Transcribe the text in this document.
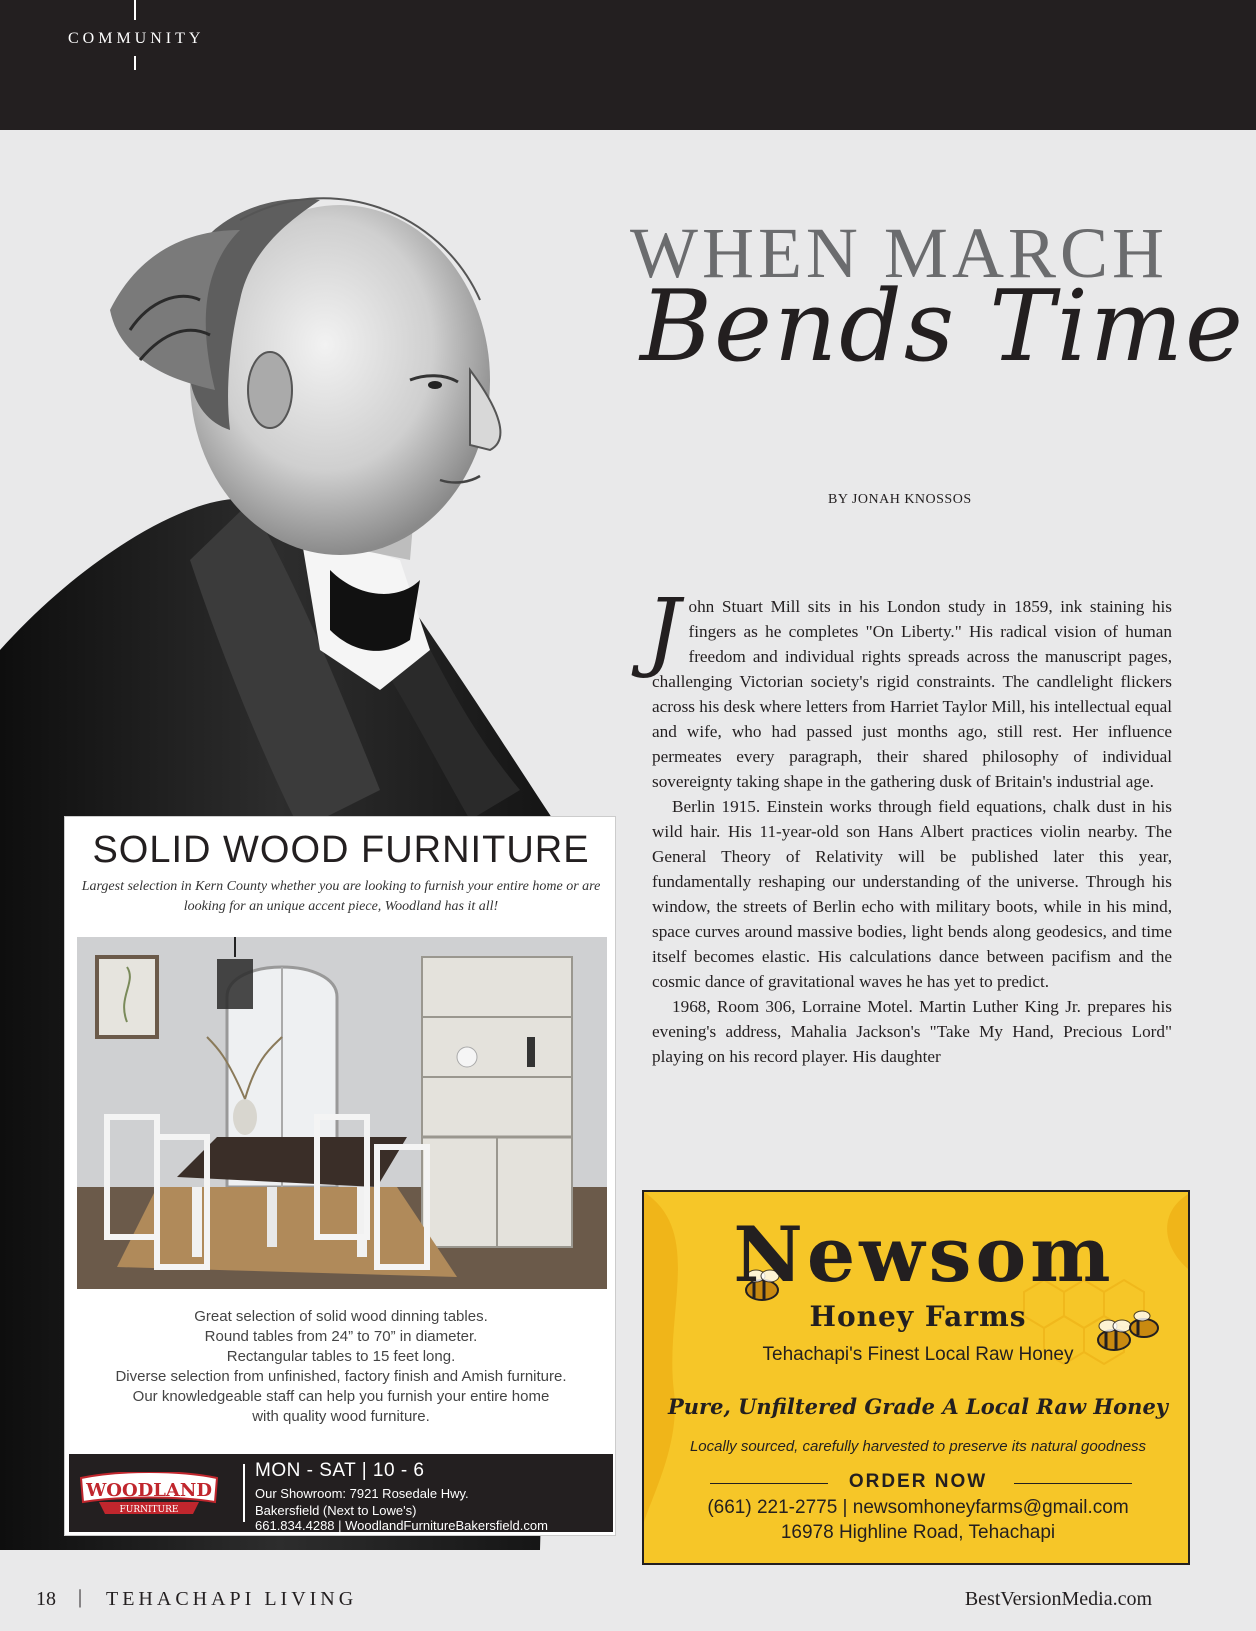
COMMUNITY
WHEN MARCH
Bends Time
BY JONAH KNOSSOS

John Stuart Mill sits in his London study in 1859, ink staining his fingers as he completes "On Liberty." His radical vision of human freedom and individual rights spreads across the manuscript pages, challenging Victorian society's rigid constraints. The candlelight flickers across his desk where letters from Harriet Taylor Mill, his intellectual equal and wife, who had passed just months ago, still rest. Her influence permeates every paragraph, their shared philosophy of individual sovereignty taking shape in the gathering dusk of Britain's industrial age.

Berlin 1915. Einstein works through field equations, chalk dust in his wild hair. His 11-year-old son Hans Albert practices violin nearby. The General Theory of Relativity will be published later this year, fundamentally reshaping our understanding of the universe. Through his window, the streets of Berlin echo with military boots, while in his mind, space curves around massive bodies, light bends along geodesics, and time itself becomes elastic. His calculations dance between pacifism and the cosmic dance of gravitational waves he has yet to predict.

1968, Room 306, Lorraine Motel. Martin Luther King Jr. prepares his evening's address, Mahalia Jackson's "Take My Hand, Precious Lord" playing on his record player. His daughter

SOLID WOOD FURNITURE
Largest selection in Kern County whether you are looking to furnish your entire home or are looking for an unique accent piece, Woodland has it all!
Great selection of solid wood dinning tables.
Round tables from 24” to 70” in diameter.
Rectangular tables to 15 feet long.
Diverse selection from unfinished, factory finish and Amish furniture.
Our knowledgeable staff can help you furnish your entire home
with quality wood furniture.
WOODLAND
FURNITURE
MON - SAT | 10 - 6
Our Showroom: 7921 Rosedale Hwy.
Bakersfield (Next to Lowe's)
661.834.4288 | WoodlandFurnitureBakersfield.com
Newsom
Honey Farms
Tehachapi's Finest Local Raw Honey
Pure, Unfiltered Grade A Local Raw Honey
Locally sourced, carefully harvested to preserve its natural goodness
ORDER NOW
(661) 221-2775 | newsomhoneyfarms@gmail.com
16978 Highline Road, Tehachapi
18 | TEHACHAPI LIVING	BestVersionMedia.com
